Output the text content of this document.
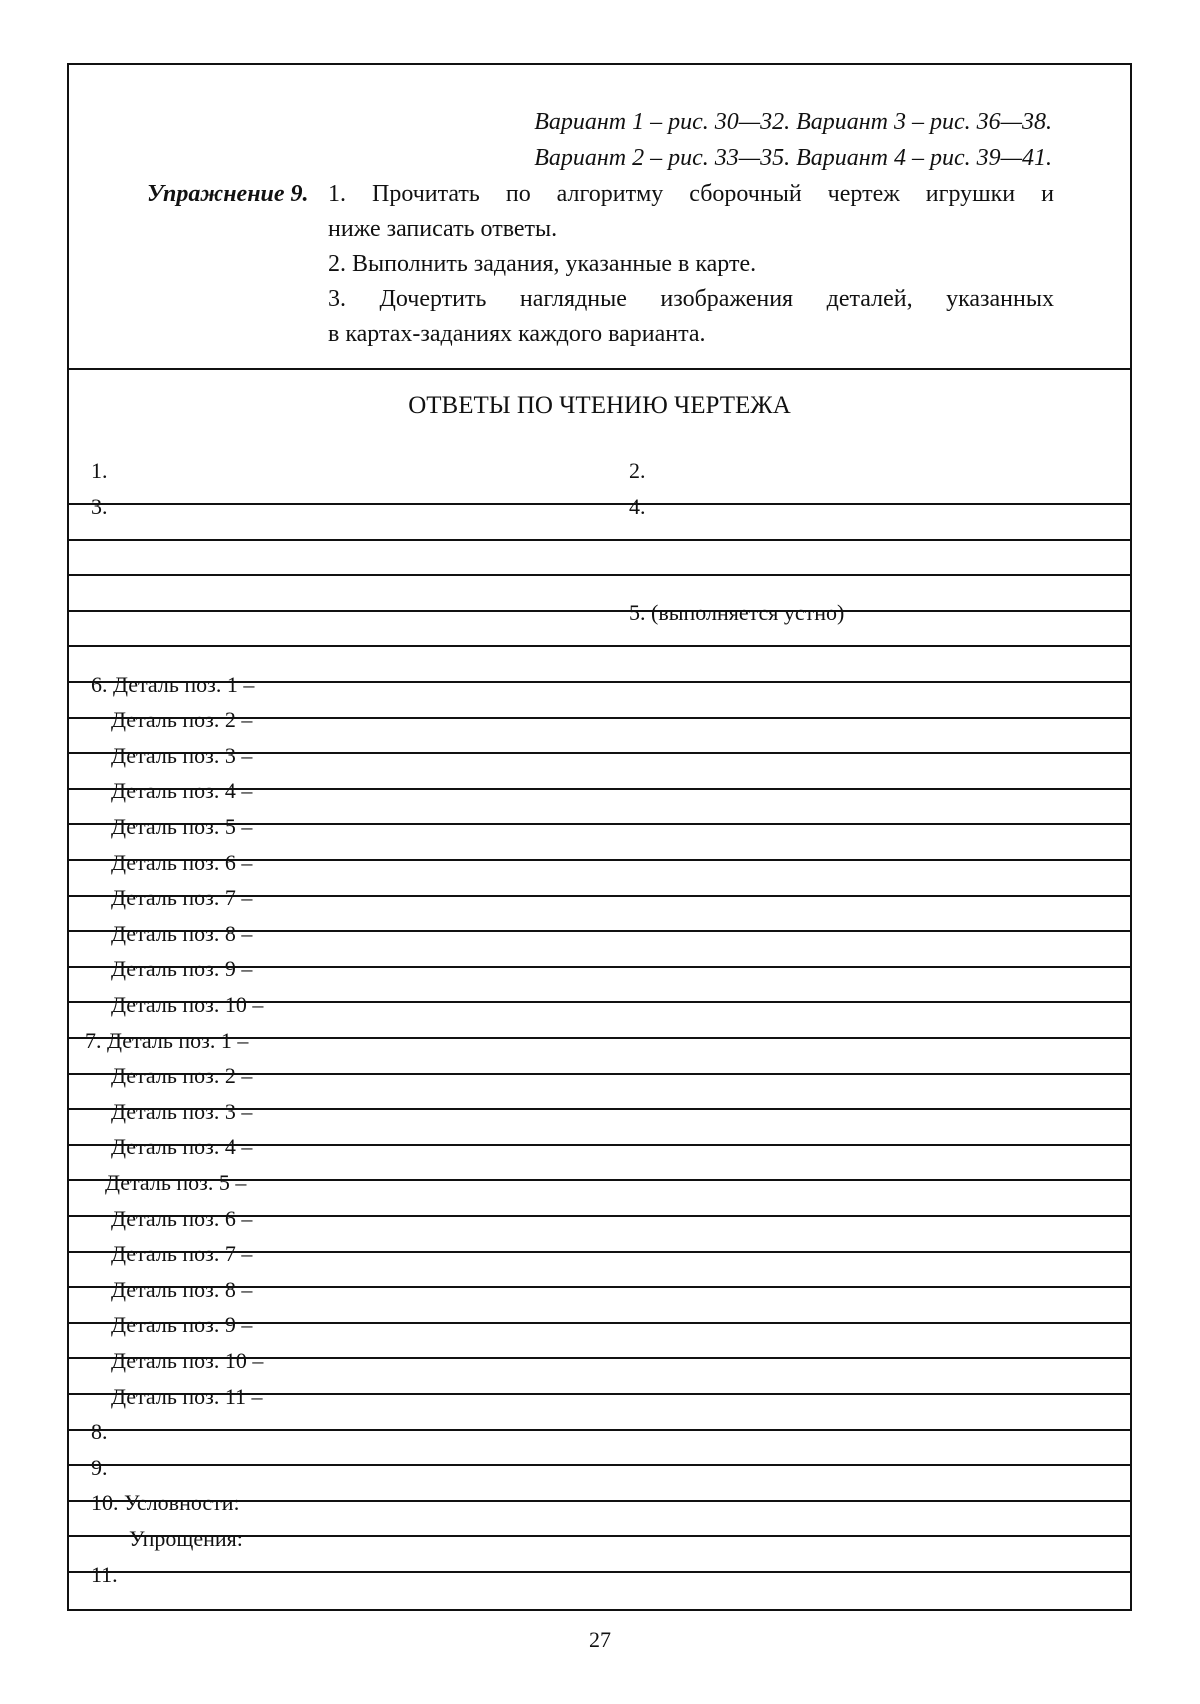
Вариант 1 – рис. 30—32. Вариант 3 – рис. 36—38.
Вариант 2 – рис. 33—35. Вариант 4 – рис. 39—41.
Упражнение 9. 1. Прочитать по алгоритму сборочный чертеж игрушки и
ниже записать ответы.
2. Выполнить задания, указанные в карте.
3. Дочертить наглядные изображения деталей, указанных
в картах-заданиях каждого варианта.
ОТВЕТЫ ПО ЧТЕНИЮ ЧЕРТЕЖА
1.	2.
3.	4.
5. (выполняется устно)
6. Деталь поз. 1 –
Деталь поз. 2 –
Деталь поз. 3 –
Деталь поз. 4 –
Деталь поз. 5 –
Деталь поз. 6 –
Деталь поз. 7 –
Деталь поз. 8 –
Деталь поз. 9 –
Деталь поз. 10 –
7. Деталь поз. 1 –
Деталь поз. 2 –
Деталь поз. 3 –
Деталь поз. 4 –
Деталь поз. 5 –
Деталь поз. 6 –
Деталь поз. 7 –
Деталь поз. 8 –
Деталь поз. 9 –
Деталь поз. 10 –
Деталь поз. 11 –
8.
9.
10. Условности:
Упрощения:
11.
27
